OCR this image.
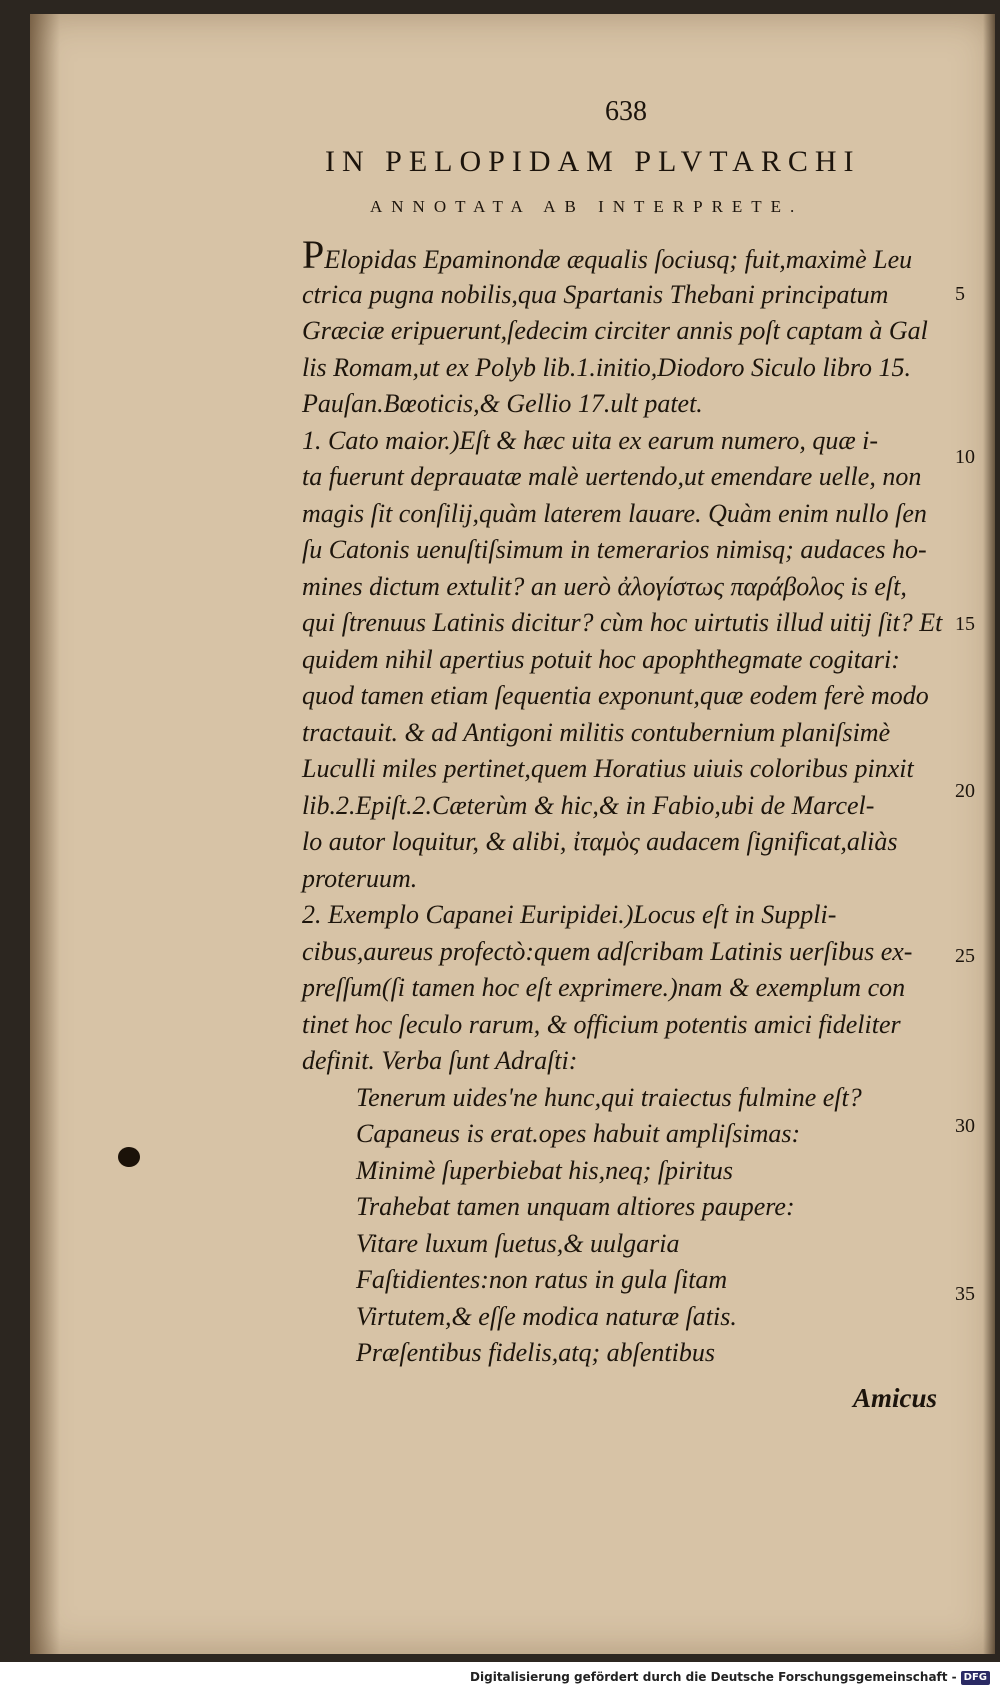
638
IN PELOPIDAM PLVTARCHI
ANNOTATA AB INTERPRETE.
PElopidas Epaminondæ æqualis ſociusq; fuit,maximè Leu
ctrica pugna nobilis,qua Spartanis Thebani principatum
Græciæ eripuerunt,ſedecim circiter annis poſt captam à Gal
lis Romam,ut ex Polyb lib.1.initio,Diodoro Siculo libro 15.
Pauſan.Bœoticis,& Gellio 17.ult patet.
1. Cato maior.)Eſt & hæc uita ex earum numero, quæ i-
ta fuerunt deprauatæ malè uertendo,ut emendare uelle, non
magis ſit conſilij,quàm laterem lauare. Quàm enim nullo ſen
ſu Catonis uenuſtiſsimum in temerarios nimisq; audaces ho-
mines dictum extulit? an uerò ἀλογίστως παράβολος is eſt,
qui ſtrenuus Latinis dicitur? cùm hoc uirtutis illud uitij ſit? Et
quidem nihil apertius potuit hoc apophthegmate cogitari:
quod tamen etiam ſequentia exponunt,quæ eodem ferè modo
tractauit. & ad Antigoni militis contubernium planiſsimè
Luculli miles pertinet,quem Horatius uiuis coloribus pinxit
lib.2.Epiſt.2.Cæterùm & hic,& in Fabio,ubi de Marcel-
lo autor loquitur, & alibi, ἰταμὸς audacem ſignificat,aliàs
proteruum.
2. Exemplo Capanei Euripidei.)Locus eſt in Suppli-
cibus,aureus profectò:quem adſcribam Latinis uerſibus ex-
preſſum(ſi tamen hoc eſt exprimere.)nam & exemplum con
tinet hoc ſeculo rarum, & officium potentis amici fideliter
definit. Verba ſunt Adraſti:
Tenerum uides'ne hunc,qui traiectus fulmine eſt?
Capaneus is erat.opes habuit ampliſsimas:
Minimè ſuperbiebat his,neq; ſpiritus
Trahebat tamen unquam altiores paupere:
Vitare luxum ſuetus,& uulgaria
Faſtidientes:non ratus in gula ſitam
Virtutem,& eſſe modica naturæ ſatis.
Præſentibus fidelis,atq; abſentibus
Amicus
5
10
15
20
25
30
35
Digitalisierung gefördert durch die Deutsche Forschungsgemeinschaft - DFG
